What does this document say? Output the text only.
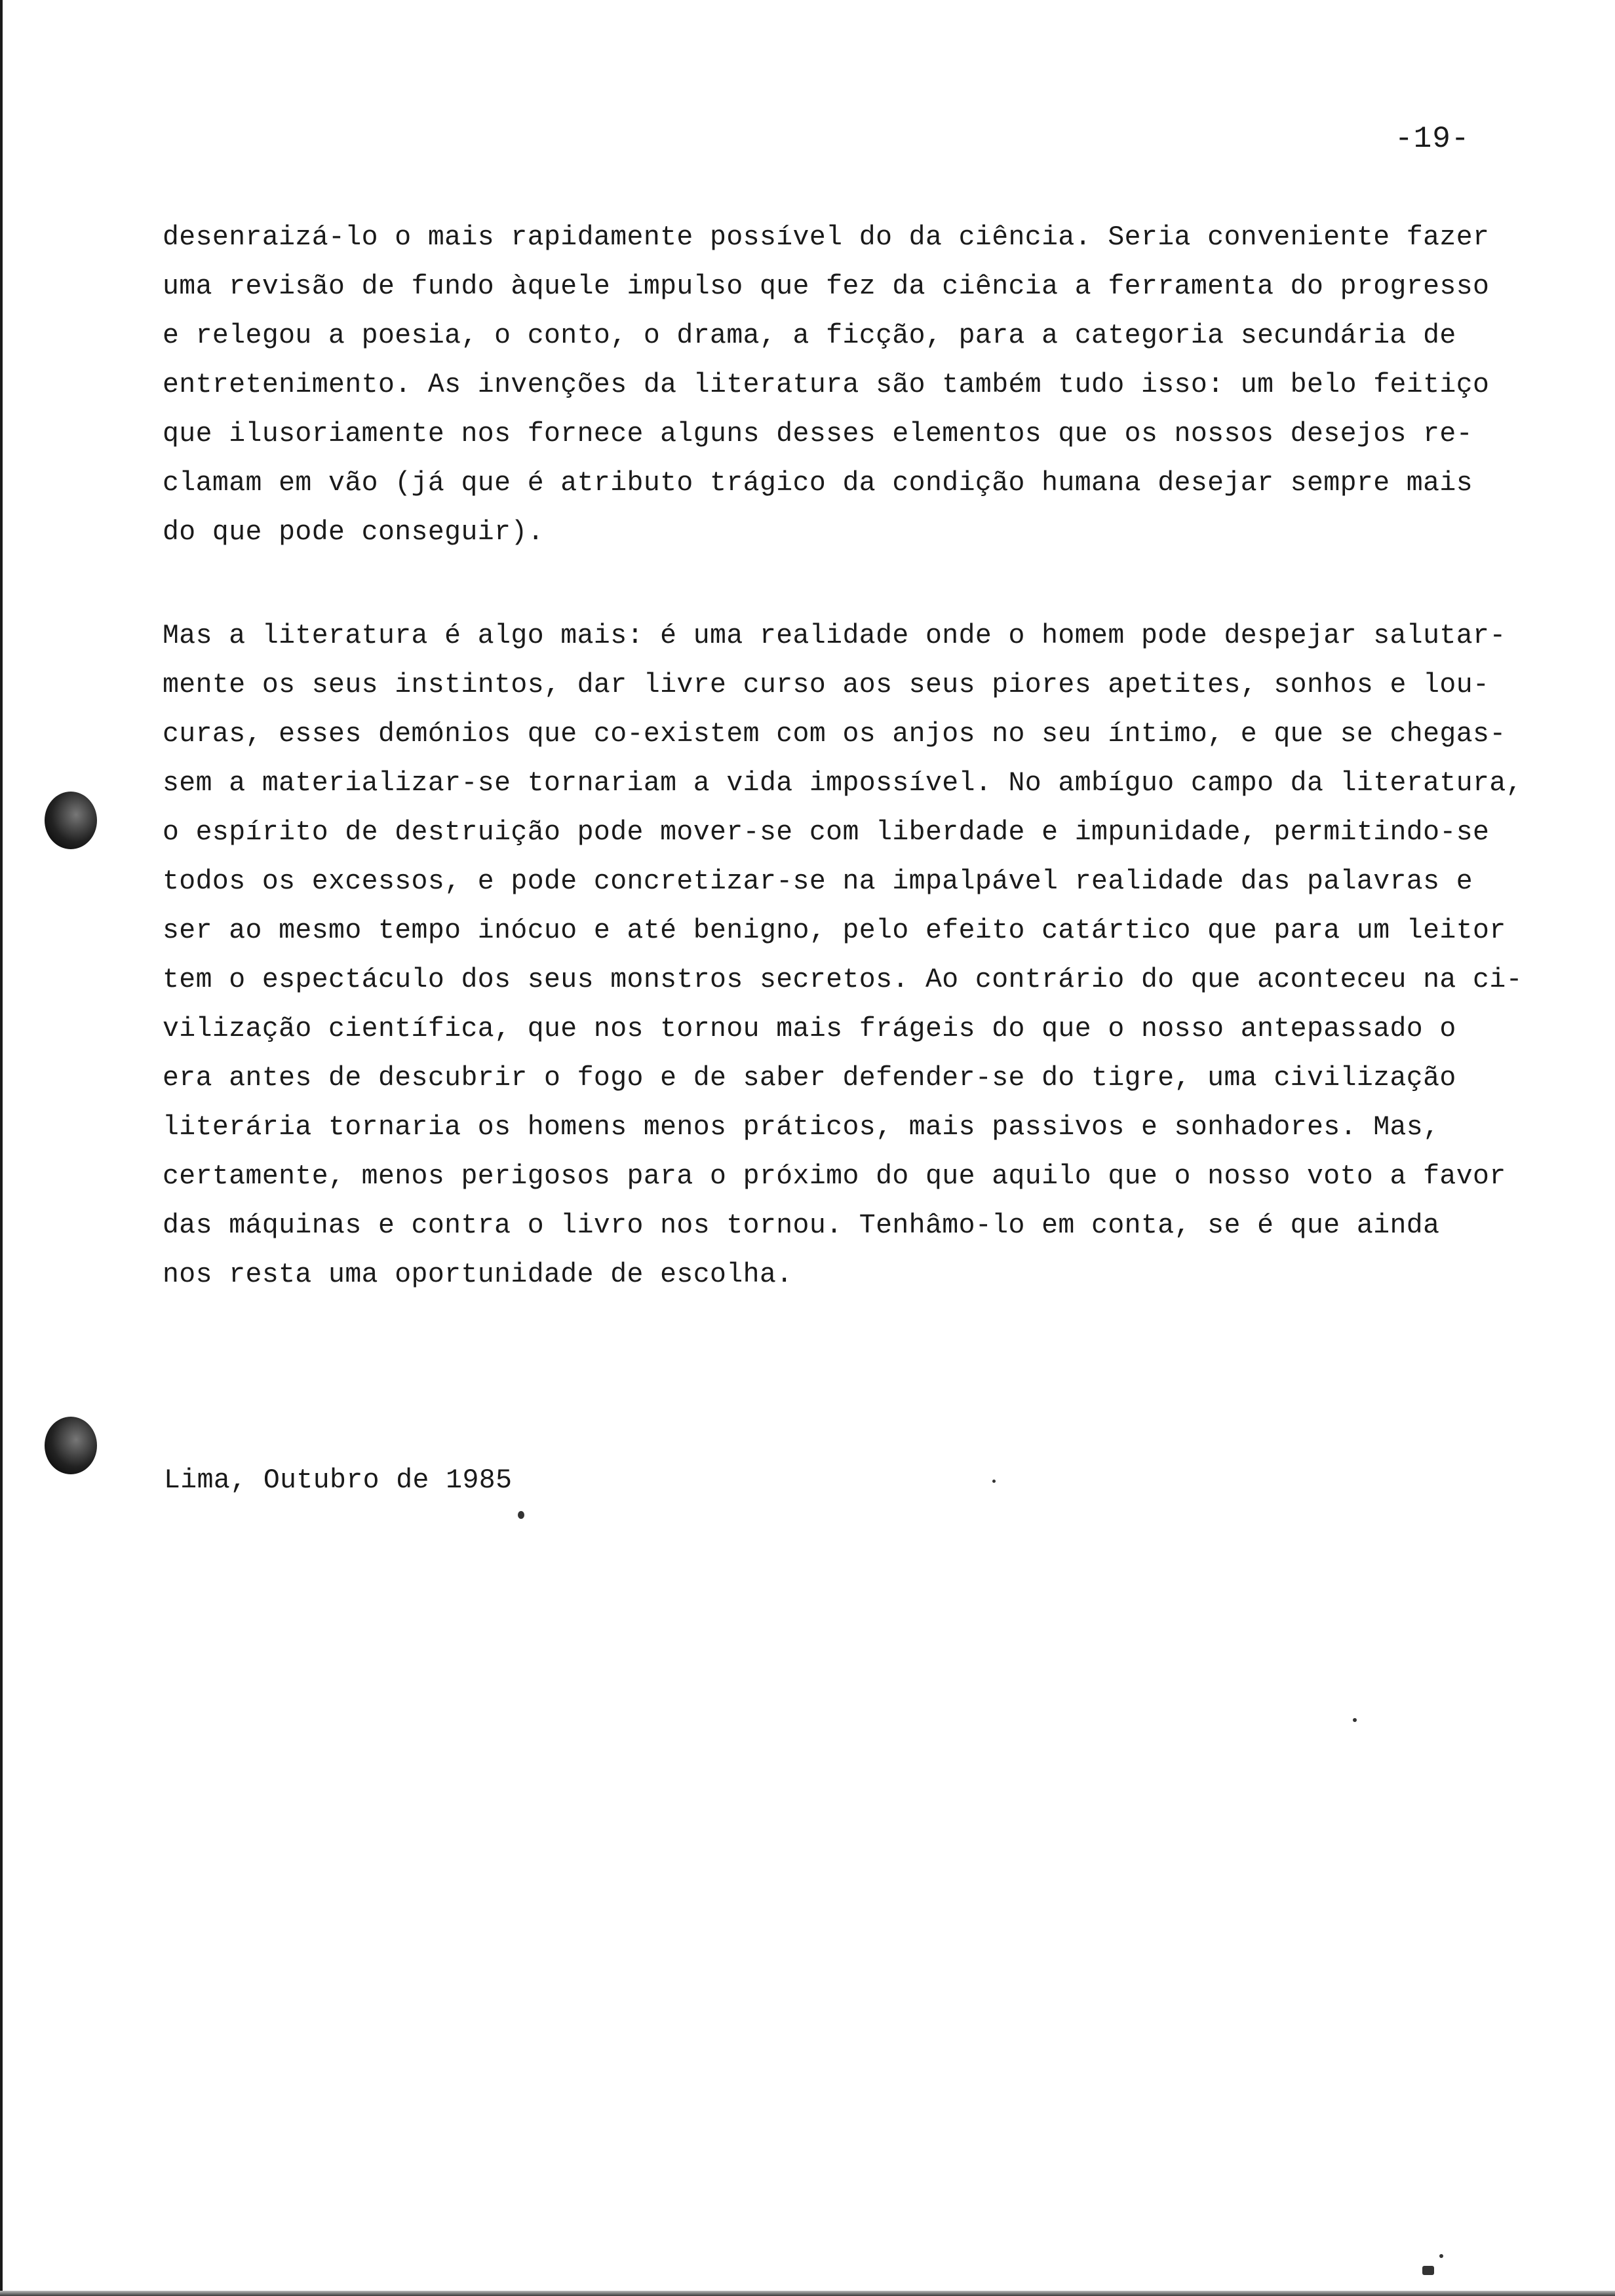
-19-
desenraizá-lo o mais rapidamente possível do da ciência. Seria conveniente fazer
uma revisão de fundo àquele impulso que fez da ciência a ferramenta do progresso
e relegou a poesia, o conto, o drama, a ficção, para a categoria secundária de
entretenimento. As invenções da literatura são também tudo isso: um belo feitiço
que ilusoriamente nos fornece alguns desses elementos que os nossos desejos re-
clamam em vão (já que é atributo trágico da condição humana desejar sempre mais
do que pode conseguir).
Mas a literatura é algo mais: é uma realidade onde o homem pode despejar salutar-
mente os seus instintos, dar livre curso aos seus piores apetites, sonhos e lou-
curas, esses demónios que co-existem com os anjos no seu íntimo, e que se chegas-
sem a materializar-se tornariam a vida impossível. No ambíguo campo da literatura,
o espírito de destruição pode mover-se com liberdade e impunidade, permitindo-se
todos os excessos, e pode concretizar-se na impalpável realidade das palavras e
ser ao mesmo tempo inócuo e até benigno, pelo efeito catártico que para um leitor
tem o espectáculo dos seus monstros secretos. Ao contrário do que aconteceu na ci-
vilização científica, que nos tornou mais frágeis do que o nosso antepassado o
era antes de descubrir o fogo e de saber defender-se do tigre, uma civilização
literária tornaria os homens menos práticos, mais passivos e sonhadores. Mas,
certamente, menos perigosos para o próximo do que aquilo que o nosso voto a favor
das máquinas e contra o livro nos tornou. Tenhâmo-lo em conta, se é que ainda
nos resta uma oportunidade de escolha.
Lima, Outubro de 1985
